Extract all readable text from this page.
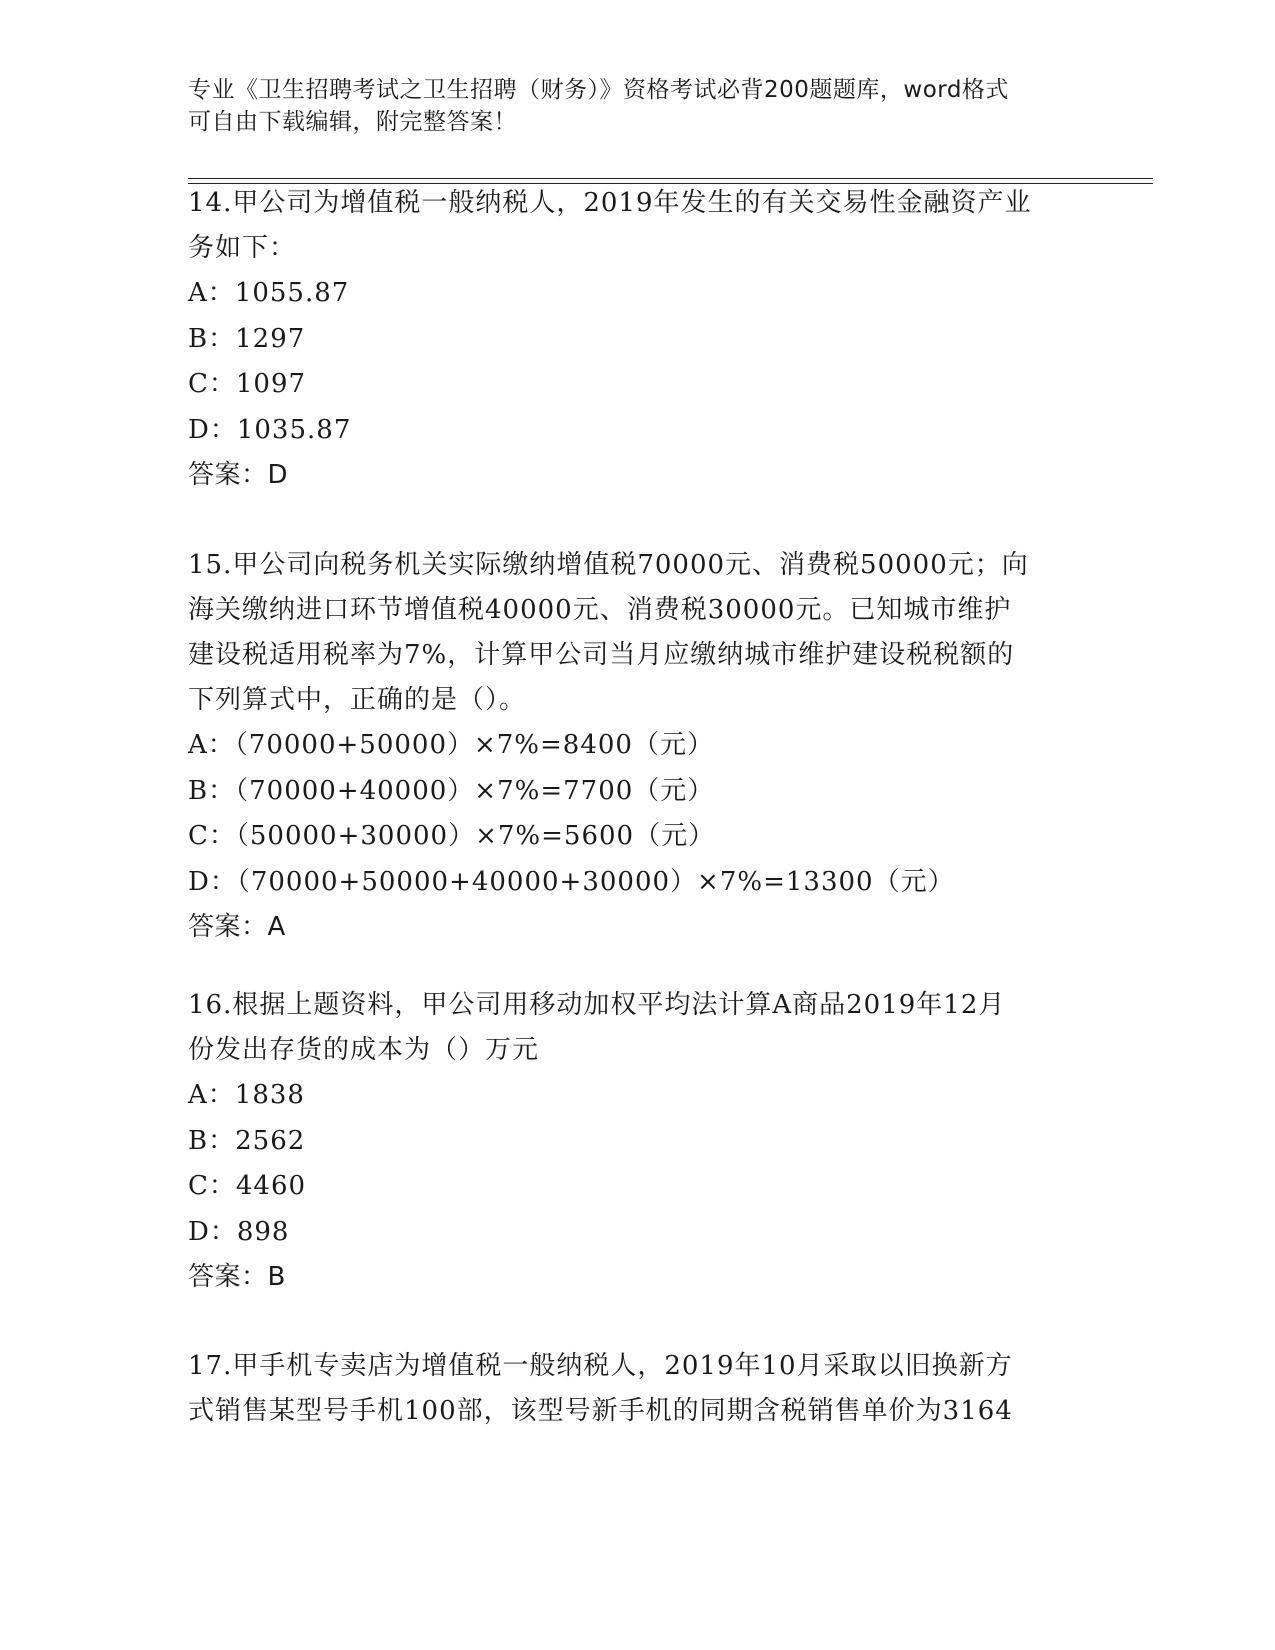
专业《卫生招聘考试之卫生招聘（财务）》资格考试必背200题题库，word格式
可自由下载编辑，附完整答案！
14.甲公司为增值税一般纳税人，2019年发生的有关交易性金融资产业
务如下：
A：1055.87
B：1297
C：1097
D：1035.87
答案：D
15.甲公司向税务机关实际缴纳增值税70000元、消费税50000元；向
海关缴纳进口环节增值税40000元、消费税30000元。已知城市维护
建设税适用税率为7%，计算甲公司当月应缴纳城市维护建设税税额的
下列算式中，正确的是（）。
A：（70000+50000）×7%=8400（元）
B：（70000+40000）×7%=7700（元）
C：（50000+30000）×7%=5600（元）
D：（70000+50000+40000+30000）×7%=13300（元）
答案：A
16.根据上题资料，甲公司用移动加权平均法计算A商品2019年12月
份发出存货的成本为（）万元
A：1838
B：2562
C：4460
D：898
答案：B
17.甲手机专卖店为增值税一般纳税人，2019年10月采取以旧换新方
式销售某型号手机100部，该型号新手机的同期含税销售单价为3164
